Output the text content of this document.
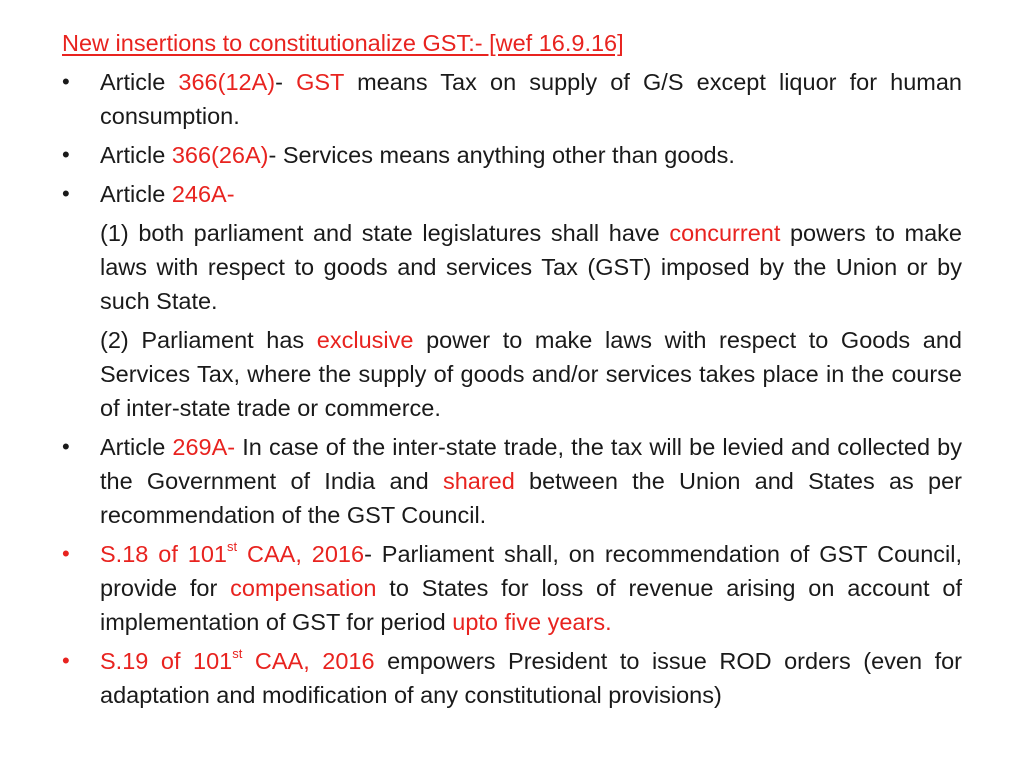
New insertions to constitutionalize GST:- [wef 16.9.16]
• Article 366(12A)- GST means Tax on supply of G/S except liquor for human consumption.
• Article 366(26A)- Services means anything other than goods.
• Article 246A-
(1) both parliament and state legislatures shall have concurrent powers to make laws with respect to goods and services Tax (GST) imposed by the Union or by such State.
(2) Parliament has exclusive power to make laws with respect to Goods and Services Tax, where the supply of goods and/or services takes place in the course of inter-state trade or commerce.
• Article 269A- In case of the inter-state trade, the tax will be levied and collected by the Government of India and shared between the Union and States as per recommendation of the GST Council.
• S.18 of 101st CAA, 2016- Parliament shall, on recommendation of GST Council, provide for compensation to States for loss of revenue arising on account of implementation of GST for period upto five years.
• S.19 of 101st CAA, 2016 empowers President to issue ROD orders (even for adaptation and modification of any constitutional provisions)
